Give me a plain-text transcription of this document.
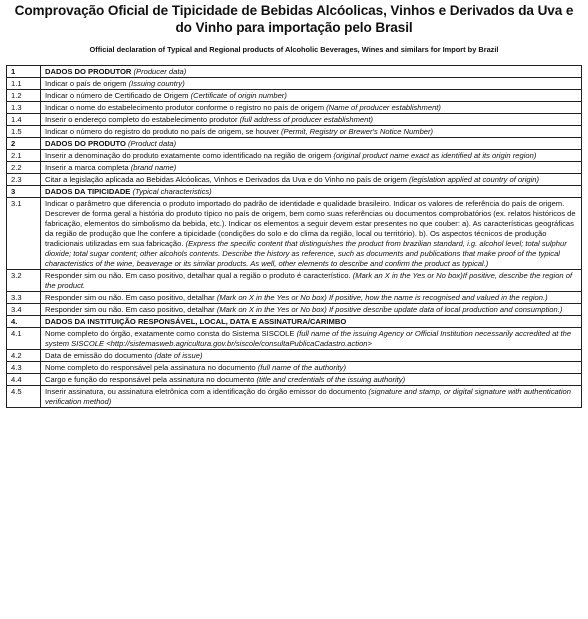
Comprovação Oficial de Tipicidade de Bebidas Alcóolicas, Vinhos e Derivados da Uva e
do Vinho para importação pelo Brasil
Official declaration of Typical and Regional products of Alcoholic Beverages, Wines and similars for Import by Brazil
1	DADOS DO PRODUTOR (Producer data)
1.1	Indicar o país de origem (Issuing country)
1.2	Indicar o número de Certificado de Origem (Certificate of origin number)
1.3	Indicar o nome do estabelecimento produtor conforme o registro no país de origem (Name of producer establishment)
1.4	Inserir o endereço completo do estabelecimento produtor (full address of producer establishment)
1.5	Indicar o número do registro do produto no país de origem, se houver (Permit, Registry or Brewer's Notice Number)
2	DADOS DO PRODUTO (Product data)
2.1	Inserir a denominação do produto exatamente como identificado na região de origem (original product name exact as identified at its origin region)
2.2	Inserir a marca completa (brand name)
2.3	Citar a legislação aplicada ao Bebidas Alcóolicas, Vinhos e Derivados da Uva e do Vinho no país de origem (legislation applied at country of origin)
3	DADOS DA TIPICIDADE (Typical characteristics)
3.1	Indicar o parâmetro que diferencia o produto importado do padrão de identidade e qualidade brasileiro. Indicar os valores de referência do país de origem. Descrever de forma geral a história do produto típico no país de origem, bem como suas referências ou documentos comprobatórios (ex. relatos históricos de fabricação, elementos do simbolismo da bebida, etc.). Indicar os elementos a seguir devem estar presentes no que couber: a). As características geográficas da região de produção que lhe confere a tipicidade (condições do solo e do clima da região, local ou território). b). Os aspectos técnicos de produção tradicionais utilizadas em sua fabricação. (Express the specific content that distinguishes the product from brazilian standard, i.g. alcohol level; total sulphur dioxide; total sugar content; other alcohols contents. Describe the history as reference, such as documents and publications that make proof of the typical characteristics of the wine, beaverage or its similar products. As well, other elements to describe and confirm the product as typical.)
3.2	Responder sim ou não. Em caso positivo, detalhar qual a região o produto é característico. (Mark an X in the Yes or No box)If positive, describe the region of the product.
3.3	Responder sim ou não. Em caso positivo, detalhar (Mark on X in the Yes or No box) If positive, how the name is recognised and valued in the region.)
3.4	Responder sim ou não. Em caso positivo, detalhar (Mark on X in the Yes or No box) If positive describe update data of local production and consumption.)
4.	DADOS DA INSTITUIÇÃO RESPONSÁVEL, LOCAL, DATA E ASSINATURA/CARIMBO
4.1	Nome completo do órgão, exatamente como consta do Sistema SISCOLE (full name of the issuing Agency or Official Institution necessarily accredited at the system SISCOLE <http://sistemasweb.agricultura.gov.br/siscole/consultaPublicaCadastro.action>
4.2	Data de emissão do documento (date of issue)
4.3	Nome completo do responsável pela assinatura no documento (full name of the authority)
4.4	Cargo e função do responsável pela assinatura no documento (title and credentials of the issuing authority)
4.5	Inserir assinatura, ou assinatura eletrônica com a identificação do órgão emissor do documento (signature and stamp, or digital signature with authentication verification method)
